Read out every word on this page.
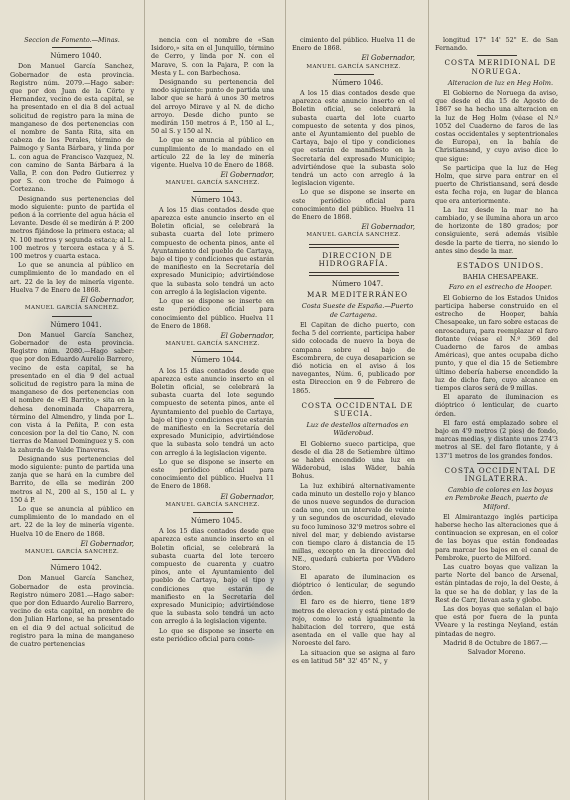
Seccion de Fomento.—Minas.

Número 1040.

Don Manuel García Sanchez, Gobernador de esta provincia. Registro núm. 2079.—Hago saber: que por don Juan de la Cörte y Hernandez, vecino de esta capital, se ha presentado en el dia 8 del actual solicitud de registro para la mina de manganeso de dos pertenencias con el nombre de Santa Rita, sita en cabeza de los Perales, término de Paimogo y Santa Bárbara, y linda por L. con agua de Francisco Vazquez, N. con camino de Santa Bárbara á la Valla, P. con don Pedro Gutierrez y por S. con troche de Paimogo á Cortezana.

Designando sus pertenencias del modo siguiente: punto de partida el peñon á la corriente del agua hácia el Levante. Desde él se medirán á P. 200 metros fijándose la primera estaca; al N. 100 metros y segunda estaca; al L. 100 metros y tercera estaca y á S. 100 metros y cuarta estaca.

Lo que se anuncia al público en cumplimiento de lo mandado en el art. 22 de la ley de minería vigente. Huelva 7 de Enero de 1868.

El Gobernador,
MANUEL GARCÍA SANCHEZ.

Número 1041.

Don Manuel García Sanchez, Gobernador de esta provincia. Registro núm. 2080.—Hago saber: que por don Eduardo Aurelio Barrero, vecino de esta capital, se ha presentado en el dia 9 del actual solicitud de registro para la mina de manganeso de dos pertenencias con el nombre de «El Barrito,» sita en la dehesa denominada Chaparrera, término del Almendro, y linda por L. con vista á la Peñita, P. con esta concesion por la del tio Cano, N. con tierras de Manuel Dominguez y S. con la zahurda de Valde Tinaveras.

Designando sus pertenencias del modo siguiente: punto de partida una zanja que se hará en la cumbre del Barrito, de ella se medirán 200 metros al N., 200 al S., 150 al L. y 150 á P.

Lo que se anuncia al público en cumplimiento de lo mandado en el art. 22 de la ley de minería vigente. Huelva 10 de Enero de 1868.

El Gobernador,
MANUEL GARCÍA SANCHEZ.

Número 1042.

Don Manuel García Sanchez, Gobernador de esta provincia. Registro número 2081.—Hago saber: que por don Eduardo Aurelio Barrero, vecino de esta capital, en nombre de don Julian Harlone, se ha presentado en el dia 9 del actual solicitud de registro para la mina de manganeso de cuatro pertenencias

nencia con el nombre de «San Isidoro,» sita en el Junquillo, término de Cerro, y linda por N. con el Marave, S. con la Pajara, P. con la Mesta y L. con Barbechosa.

Designando su pertenencia del modo siguiente: punto de partida una labor que se hará á unos 30 metros del arroyo Mirave y al N. de dicho arroyo. Desde dicho punto se medirán 150 metros á P., 150 al L., 50 al S. y 150 al N.

Lo que se anuncia al público en cumplimiento de lo mandado en el artículo 22 de la ley de minería vigente. Huelva 10 de Enero de 1868.

El Gobernador,
MANUEL GARCÍA SANCHEZ.

Número 1043.

A los 15 dias contados desde que aparezca este anuncio inserto en el Boletin oficial, se celebrará la subasta cuarta del lote primero compuesto de ochenta pinos, ante el Ayuntamiento del pueblo de Cartaya, bajo el tipo y condiciones que estarán de manifiesto en la Secretaría del expresado Municipio; advirtiéndose que la subasta solo tendrá un acto con arreglo á la legislacion vigente.

Lo que se dispone se inserte en este periódico oficial para conocimiento del público. Huelva 11 de Enero de 1868.

El Gobernador,
MANUEL GARCÍA SANCHEZ.

Número 1044.

A los 15 dias contados desde que aparezca este anuncio inserto en el Boletin oficial, se celebrará la subasta cuarta del lote segundo compuesto de setenta pinos, ante el Ayuntamiento del pueblo de Cartaya, bajo el tipo y condiciones que estarán de manifiesto en la Secretaría del expresado Municipio, advirtiéndose que la subasta solo tendrá un acto con arreglo á la legislacion vigente.

Lo que se dispone se inserte en este periódico oficial para conocimiento del público. Huelva 11 de Enero de 1868.

El Gobernador,
MANUEL GARCÍA SANCHEZ.

Número 1045.

A los 15 dias contados desde que aparezca este anuncio inserto en el Boletin oficial, se celebrará la subasta cuarta del lote tercero compuesto de cuarenta y cuatro pinos, ante el Ayuntamiento del pueblo de Cartaya, bajo el tipo y condiciones que estarán de manifiesto en la Secretaría del expresado Municipio; advirtiéndose que la subasta solo tendrá un acto con arreglo á la legislacion vigente.

Lo que se dispone se inserte en este periódico oficial para cono-

cimiento del público. Huelva 11 de Enero de 1868.

El Gobernador,
MANUEL GARCÍA SANCHEZ.

Número 1046.

A los 15 dias contados desde que aparezca este anuncio inserto en el Boletin oficial, se celebrará la subasta cuarta del lote cuarto compuesto de setenta y dos pinos, ante el Ayuntamiento del pueblo de Cartaya, bajo el tipo y condiciones que estarán de manifiesto en la Secretaría del expresado Municipio; advirtiéndose que la subasta solo tendrá un acto con arreglo á la legislacion vigente.

Lo que se dispone se inserte en este periódico oficial para conocimiento del público. Huelva 11 de Enero de 1868.

El Gobernador,
MANUEL GARCÍA SANCHEZ.

DIRECCION DE HIDROGRAFÍA.

Número 1047.

MAR MEDITERRÁNEO

Costa Sueste de España.—Puerto de Cartagena.

El Capitan de dicho puerto, con fecha 5 del corriente, participa haber sido colocada de nuevo la boya de campana sobre el bajo de Escombrera, de cuya desaparicion se dió noticia en el aviso á los navegantes, Núm. 6, publicado por esta Direccion en 9 de Febrero de 1865.

COSTA OCCIDENTAL DE SUECIA.

Luz de destellos alternados en Wäderobud.

El Gobierno sueco participa, que desde el dia 28 de Setiembre último se habrá encendido una luz en Wäderobud, islas Wäder, bahía Bohus.

La luz exhibirá alternativamente cada minuto un destello rojo y blanco de unos nueve segundos de duracion cada uno, con un intervalo de veinte y un segundos de oscuridad, elevado su foco luminoso 32'9 metros sobre el nivel del mar, y debiendo avistarse con tiempo claro á distancia de 15 millas, excepto en la direccion del NE., quedará cubierta por VVädero Storo.

El aparato de iluminacion es dióptrico ó lenticular, de segundo órden.

El faro es de hierro, tiene 18'9 metros de elevacion y está pintado de rojo, como lo está igualmente la habitacion del torrero, que está asentada en el valle que hay al Noroeste del faro.

La situacion que se asigna al faro es en latitud 58° 32' 45" N., y

longitud 17° 14' 52" E. de San Fernando.

COSTA MERIDIONAL DE NORUEGA.

Alteracion de luz en Heg Holm.

El Gobierno de Noruega da aviso, que desde el dia 15 de Agosto de 1867 se ha hecho una alteracion en la luz de Heg Holm (véase el N.º 1052 del Cuaderno de faros de las costas occidentales y septentrionales de Europa), en la bahía de Christiansand, y cuyo aviso dice lo que sigue:

Se participa que la luz de Heg Holm, que sirve para entrar en el puerto de Christiansand, será desde esta fecha roja, en lugar de blanca que era anteriormente.

La luz desde la mar no ha cambiado, y se ilumina ahora un arco de horizonte de 180 grados; por consiguiente, será además visible desde la parte de tierra, no siendo lo antes sino desde la mar.

ESTADOS UNIDOS.

BAHIA CHESAPEAKE.

Faro en el estrecho de Hooper.

El Gobierno de los Estados Unidos participa haberse construido en el estrecho de Hooper, bahía Chesapeake, un faro sobre estacas de enroscadura, para reemplazar el faro flotante (véase el N.º 369 del Cuaderno de faros de ambas Américas), que antes ocupaba dicho punto, y que el dia 15 de Setiembre último debería haberse encendido la luz de dicho faro, cuyo alcance en tiempos claros será de 9 millas.

El aparato de iluminacion es dióptrico ó lenticular, de cuarto órden.

El faro está emplazado sobre el bajo en 4'9 metros (2 pies) de fondo, marcas medias, y distante unos 274'3 metros al SE. del faro flotante, y á 137'1 metros de los grandes fondos.

COSTA OCCIDENTAL DE INGLATERRA.

Cambio de colores en las boyas en Pembroke Beach, puerto de Milford.

El Almirantazgo inglés participa haberse hecho las alteraciones que á continuacion se expresan, en el color de las boyas que están fondeadas para marcar los bajos en el canal de Pembroke, puerto de Milford.

Las cuatro boyas que valizan la parte Norte del banco de Arsenal, están pintadas de rojo, la del Oeste, á la que se ha de doblar, y las de la Rest de Carr, llevan asta y globo.

Las dos boyas que señalan el bajo que está por fuera de la punta VVeare y la restinga Neyland, están pintadas de negro.

Madrid 8 de Octubre de 1867.—

Salvador Moreno.
